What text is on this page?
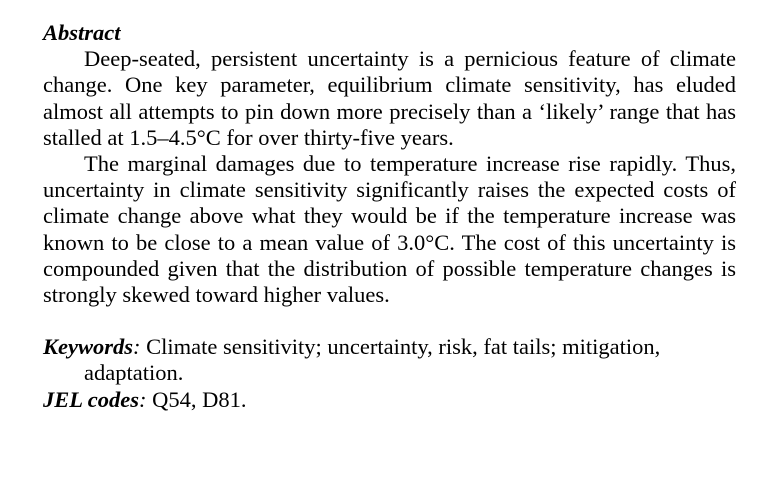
Abstract

Deep-seated, persistent uncertainty is a pernicious feature of climate change. One key parameter, equilibrium climate sensitivity, has eluded almost all attempts to pin down more precisely than a ‘likely’ range that has stalled at 1.5–4.5°C for over thirty-five years.

The marginal damages due to temperature increase rise rapidly. Thus, uncertainty in climate sensitivity significantly raises the expected costs of climate change above what they would be if the temperature increase was known to be close to a mean value of 3.0°C. The cost of this uncertainty is compounded given that the distribution of possible temperature changes is strongly skewed toward higher values.

Keywords: Climate sensitivity; uncertainty, risk, fat tails; mitigation, adaptation.

JEL codes: Q54, D81.
